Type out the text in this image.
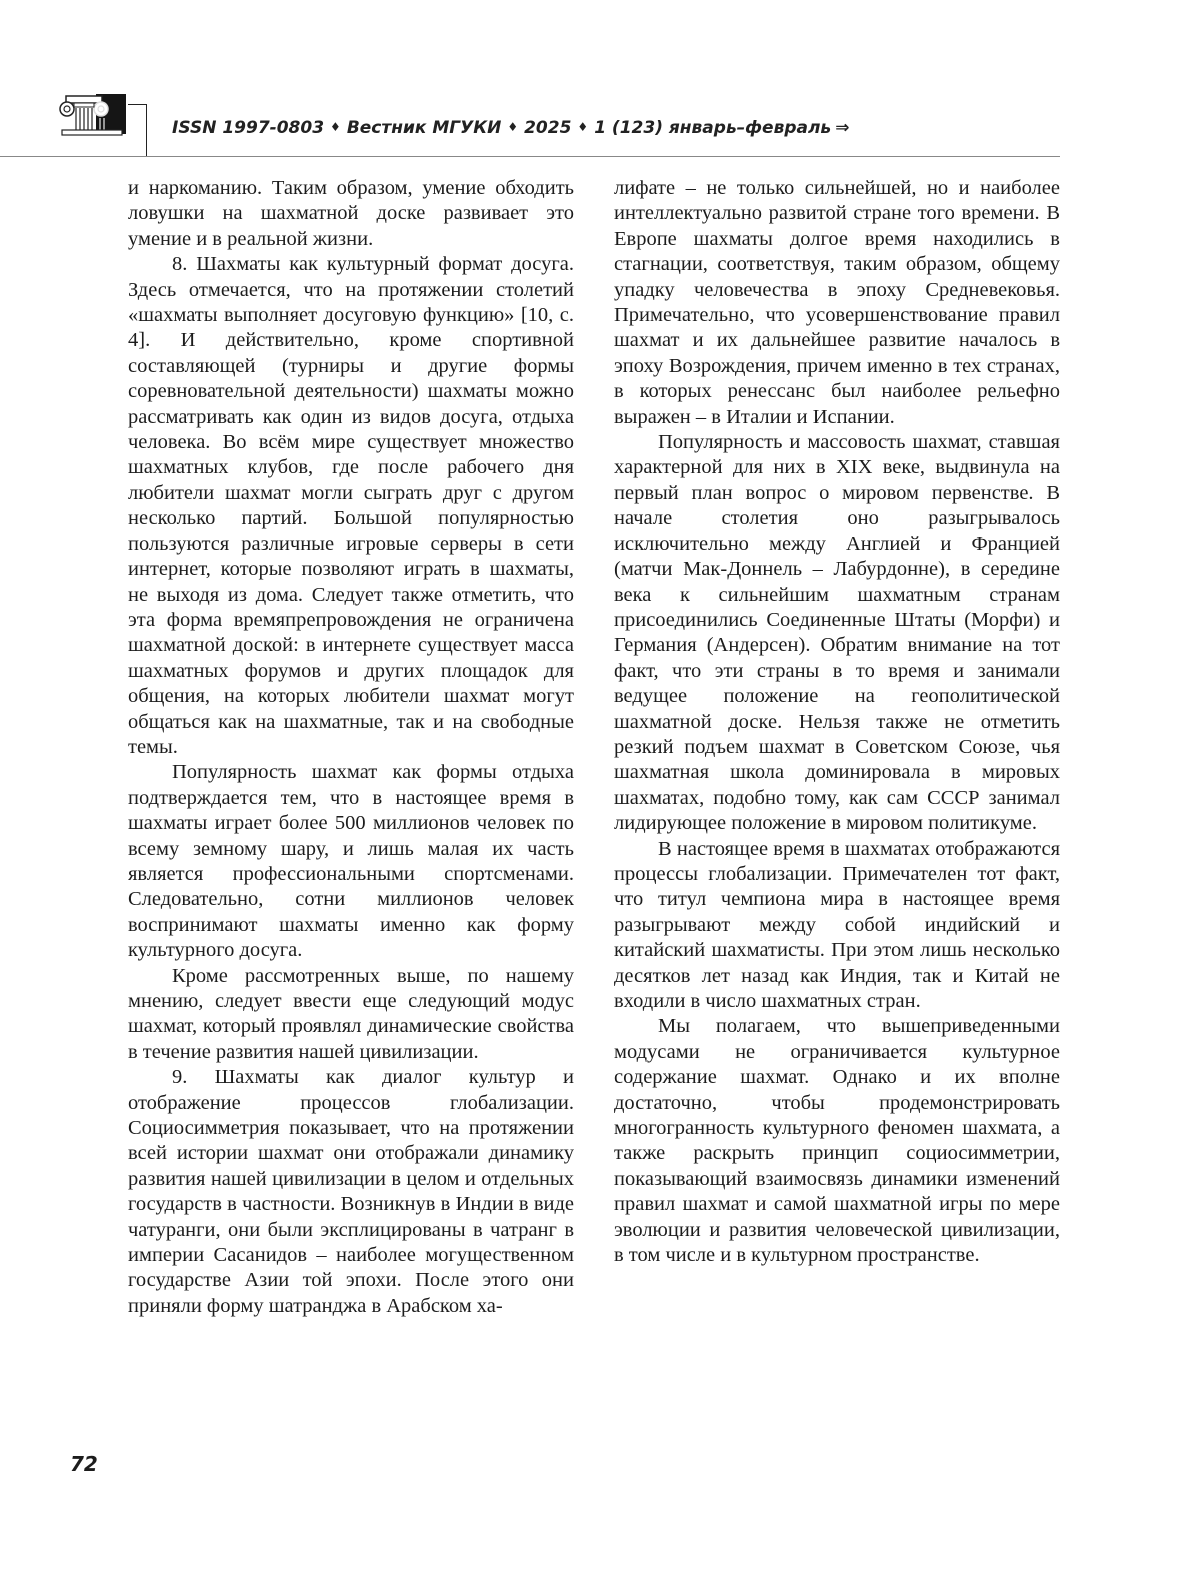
ISSN 1997-0803 ♦ Вестник МГУКИ ♦ 2025 ♦ 1 (123) январь–февраль ⇒

и наркоманию. Таким образом, умение обходить ловушки на шахматной доске развивает это умение и в реальной жизни.

8. Шахматы как культурный формат досуга. Здесь отмечается, что на протяжении столетий «шахматы выполняет досуговую функцию» [10, с. 4]. И действительно, кроме спортивной составляющей (турниры и другие формы соревновательной деятельности) шахматы можно рассматривать как один из видов досуга, отдыха человека. Во всём мире существует множество шахматных клубов, где после рабочего дня любители шахмат могли сыграть друг с другом несколько партий. Большой популярностью пользуются различные игровые серверы в сети интернет, которые позволяют играть в шахматы, не выходя из дома. Следует также отметить, что эта форма времяпрепровождения не ограничена шахматной доской: в интернете существует масса шахматных форумов и других площадок для общения, на которых любители шахмат могут общаться как на шахматные, так и на свободные темы.

Популярность шахмат как формы отдыха подтверждается тем, что в настоящее время в шахматы играет более 500 миллионов человек по всему земному шару, и лишь малая их часть является профессиональными спортсменами. Следовательно, сотни миллионов человек воспринимают шахматы именно как форму культурного досуга.

Кроме рассмотренных выше, по нашему мнению, следует ввести еще следующий модус шахмат, который проявлял динамические свойства в течение развития нашей цивилизации.

9. Шахматы как диалог культур и отображение процессов глобализации. Социосимметрия показывает, что на протяжении всей истории шахмат они отображали динамику развития нашей цивилизации в целом и отдельных государств в частности. Возникнув в Индии в виде чатуранги, они были эксплицированы в чатранг в империи Сасанидов – наиболее могущественном государстве Азии той эпохи. После этого они приняли форму шатранджа в Арабском ха-

лифате – не только сильнейшей, но и наиболее интеллектуально развитой стране того времени. В Европе шахматы долгое время находились в стагнации, соответствуя, таким образом, общему упадку человечества в эпоху Средневековья. Примечательно, что усовершенствование правил шахмат и их дальнейшее развитие началось в эпоху Возрождения, причем именно в тех странах, в которых ренессанс был наиболее рельефно выражен – в Италии и Испании.

Популярность и массовость шахмат, ставшая характерной для них в XIX веке, выдвинула на первый план вопрос о мировом первенстве. В начале столетия оно разыгрывалось исключительно между Англией и Францией (матчи Мак-Доннель – Лабурдонне), в середине века к сильнейшим шахматным странам присоединились Соединенные Штаты (Морфи) и Германия (Андерсен). Обратим внимание на тот факт, что эти страны в то время и занимали ведущее положение на геополитической шахматной доске. Нельзя также не отметить резкий подъем шахмат в Советском Союзе, чья шахматная школа доминировала в мировых шахматах, подобно тому, как сам СССР занимал лидирующее положение в мировом политикуме.

В настоящее время в шахматах отображаются процессы глобализации. Примечателен тот факт, что титул чемпиона мира в настоящее время разыгрывают между собой индийский и китайский шахматисты. При этом лишь несколько десятков лет назад как Индия, так и Китай не входили в число шахматных стран.

Мы полагаем, что вышеприведенными модусами не ограничивается культурное содержание шахмат. Однако и их вполне достаточно, чтобы продемонстрировать многогранность культурного феномен шахмата, а также раскрыть принцип социосимметрии, показывающий взаимосвязь динамики изменений правил шахмат и самой шахматной игры по мере эволюции и развития человеческой цивилизации, в том числе и в культурном пространстве.

72
